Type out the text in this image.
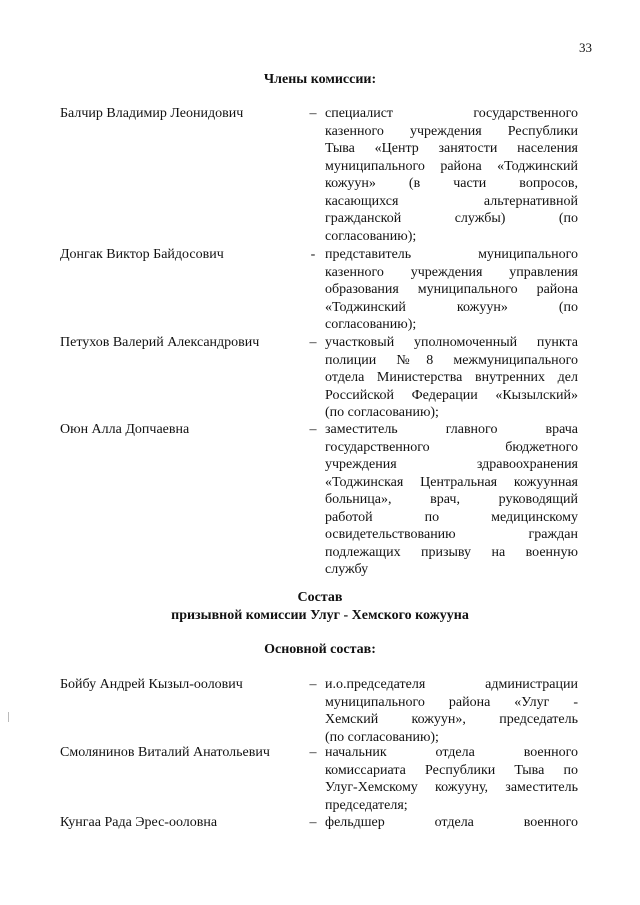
33
Члены комиссии:
Балчир Владимир Леонидович	– специалист государственного
казенного учреждения Республики
Тыва «Центр занятости населения
муниципального района «Тоджинский
кожуун» (в части вопросов,
касающихся альтернативной
гражданской службы) (по
согласованию);
Донгак Виктор Байдосович	- представитель муниципального
казенного учреждения управления
образования муниципального района
«Тоджинский кожуун» (по
согласованию);
Петухов Валерий Александрович	– участковый уполномоченный пункта
полиции №8 межмуниципального
отдела Министерства внутренних дел
Российской Федерации «Кызылский»
(по согласованию);
Оюн Алла Допчаевна	– заместитель главного врача
государственного бюджетного
учреждения здравоохранения
«Тоджинская Центральная кожуунная
больница», врач, руководящий
работой по медицинскому
освидетельствованию граждан
подлежащих призыву на военную
службу
Состав
призывной комиссии Улуг - Хемского кожууна
Основной состав:
Бойбу Андрей Кызыл-оолович	– и.о.председателя администрации
муниципального района «Улуг -
Хемский кожуун», председатель
(по согласованию);
Смолянинов Виталий Анатольевич	– начальник отдела военного
комиссариата Республики Тыва по
Улуг-Хемскому кожууну, заместитель
председателя;
Кунгаа Рада Эрес-ооловна	– фельдшер отдела военного
